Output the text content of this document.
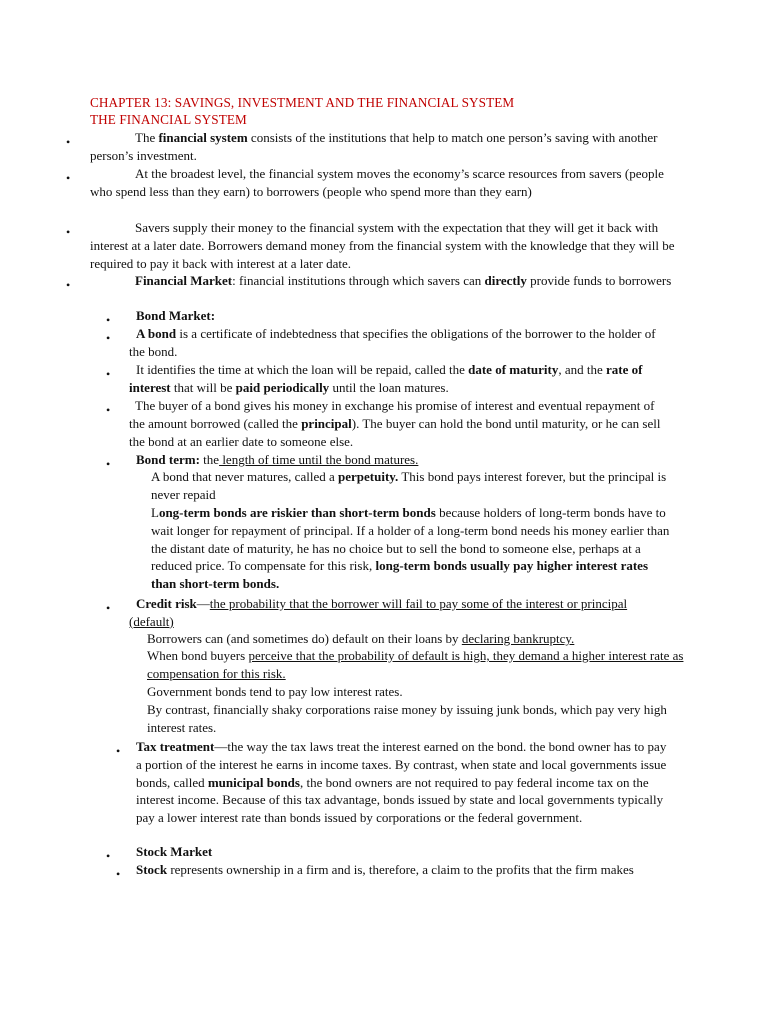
CHAPTER 13: SAVINGS, INVESTMENT AND THE FINANCIAL SYSTEM
THE FINANCIAL SYSTEM
•	The financial system consists of the institutions that help to match one person’s saving with another person’s investment.

•	At the broadest level, the financial system moves the economy’s scarce resources from savers (people who spend less than they earn) to borrowers (people who spend more than they earn)

•	Savers supply their money to the financial system with the expectation that they will get it back with interest at a later date. Borrowers demand money from the financial system with the knowledge that they will be required to pay it back with interest at a later date.

•	Financial Market: financial institutions through which savers can directly provide funds to borrowers

•	Bond Market:

•	A bond is a certificate of indebtedness that specifies the obligations of the borrower to the holder of the bond.

•	It identifies the time at which the loan will be repaid, called the date of maturity, and the rate of interest that will be paid periodically until the loan matures.

•	The buyer of a bond gives his money in exchange his promise of interest and eventual repayment of the amount borrowed (called the principal). The buyer can hold the bond until maturity, or he can sell the bond at an earlier date to someone else.

•	Bond term: the length of time until the bond matures.

A bond that never matures, called a perpetuity. This bond pays interest forever, but the principal is never repaid

Long-term bonds are riskier than short-term bonds because holders of long-term bonds have to wait longer for repayment of principal. If a holder of a long-term bond needs his money earlier than the distant date of maturity, he has no choice but to sell the bond to someone else, perhaps at a reduced price. To compensate for this risk, long-term bonds usually pay higher interest rates than short-term bonds.

•	Credit risk—the probability that the borrower will fail to pay some of the interest or principal (default)

Borrowers can (and sometimes do) default on their loans by declaring bankruptcy.

When bond buyers perceive that the probability of default is high, they demand a higher interest rate as compensation for this risk.

Government bonds tend to pay low interest rates.

By contrast, financially shaky corporations raise money by issuing junk bonds, which pay very high interest rates.

• Tax treatment—the way the tax laws treat the interest earned on the bond. the bond owner has to pay a portion of the interest he earns in income taxes. By contrast, when state and local governments issue bonds, called municipal bonds, the bond owners are not required to pay federal income tax on the interest income. Because of this tax advantage, bonds issued by state and local governments typically pay a lower interest rate than bonds issued by corporations or the federal government.

•	Stock Market

• Stock represents ownership in a firm and is, therefore, a claim to the profits that the firm makes
